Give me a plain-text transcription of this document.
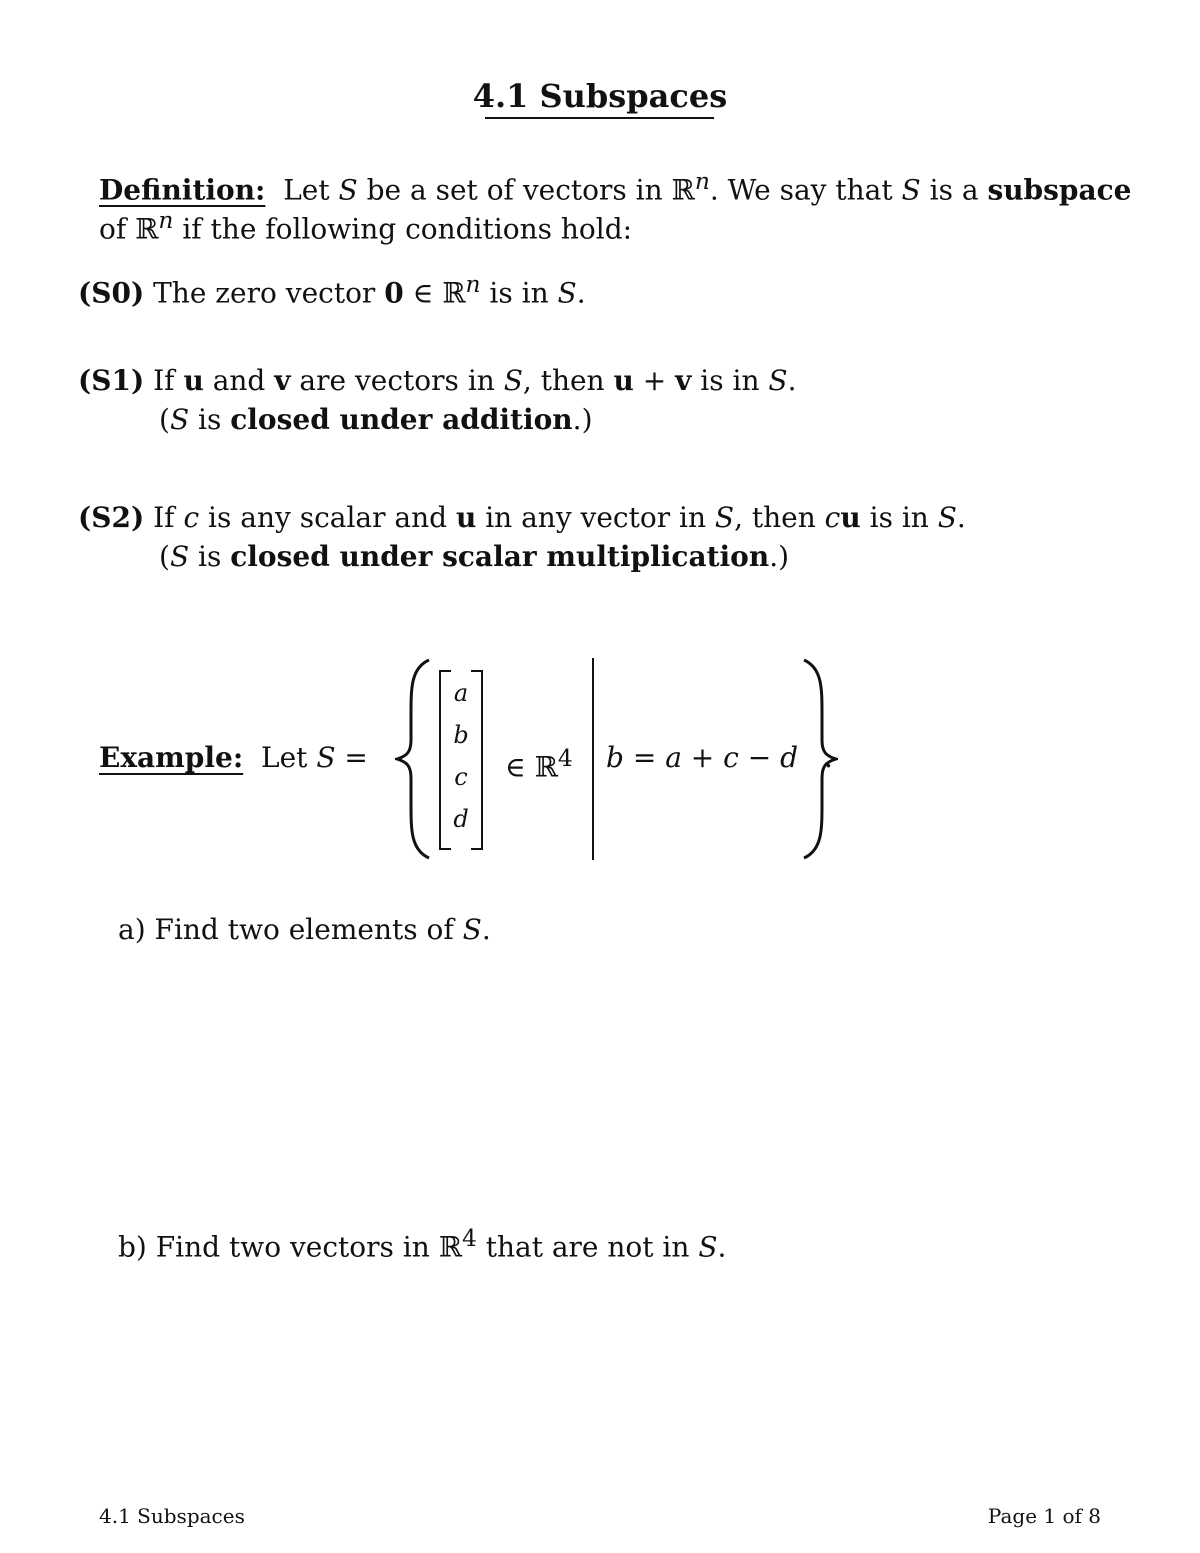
4.1 Subspaces
Definition: Let S be a set of vectors in ℝ$^n$. We say that S is a subspace
of ℝ$^n$ if the following conditions hold:
(S0) The zero vector 0 ∈ ℝ$^n$ is in S.
(S1) If u and v are vectors in S, then u + v is in S.
(S is closed under addition.)
(S2) If c is any scalar and u in any vector in S, then cu is in S.
(S is closed under scalar multiplication.)
Example: Let S =
a
b
c
d
∈ ℝ$^4$ b = a + c − d .
a) Find two elements of S.
b) Find two vectors in ℝ$^4$ that are not in S.
4.1 Subspaces	Page 1 of 8
